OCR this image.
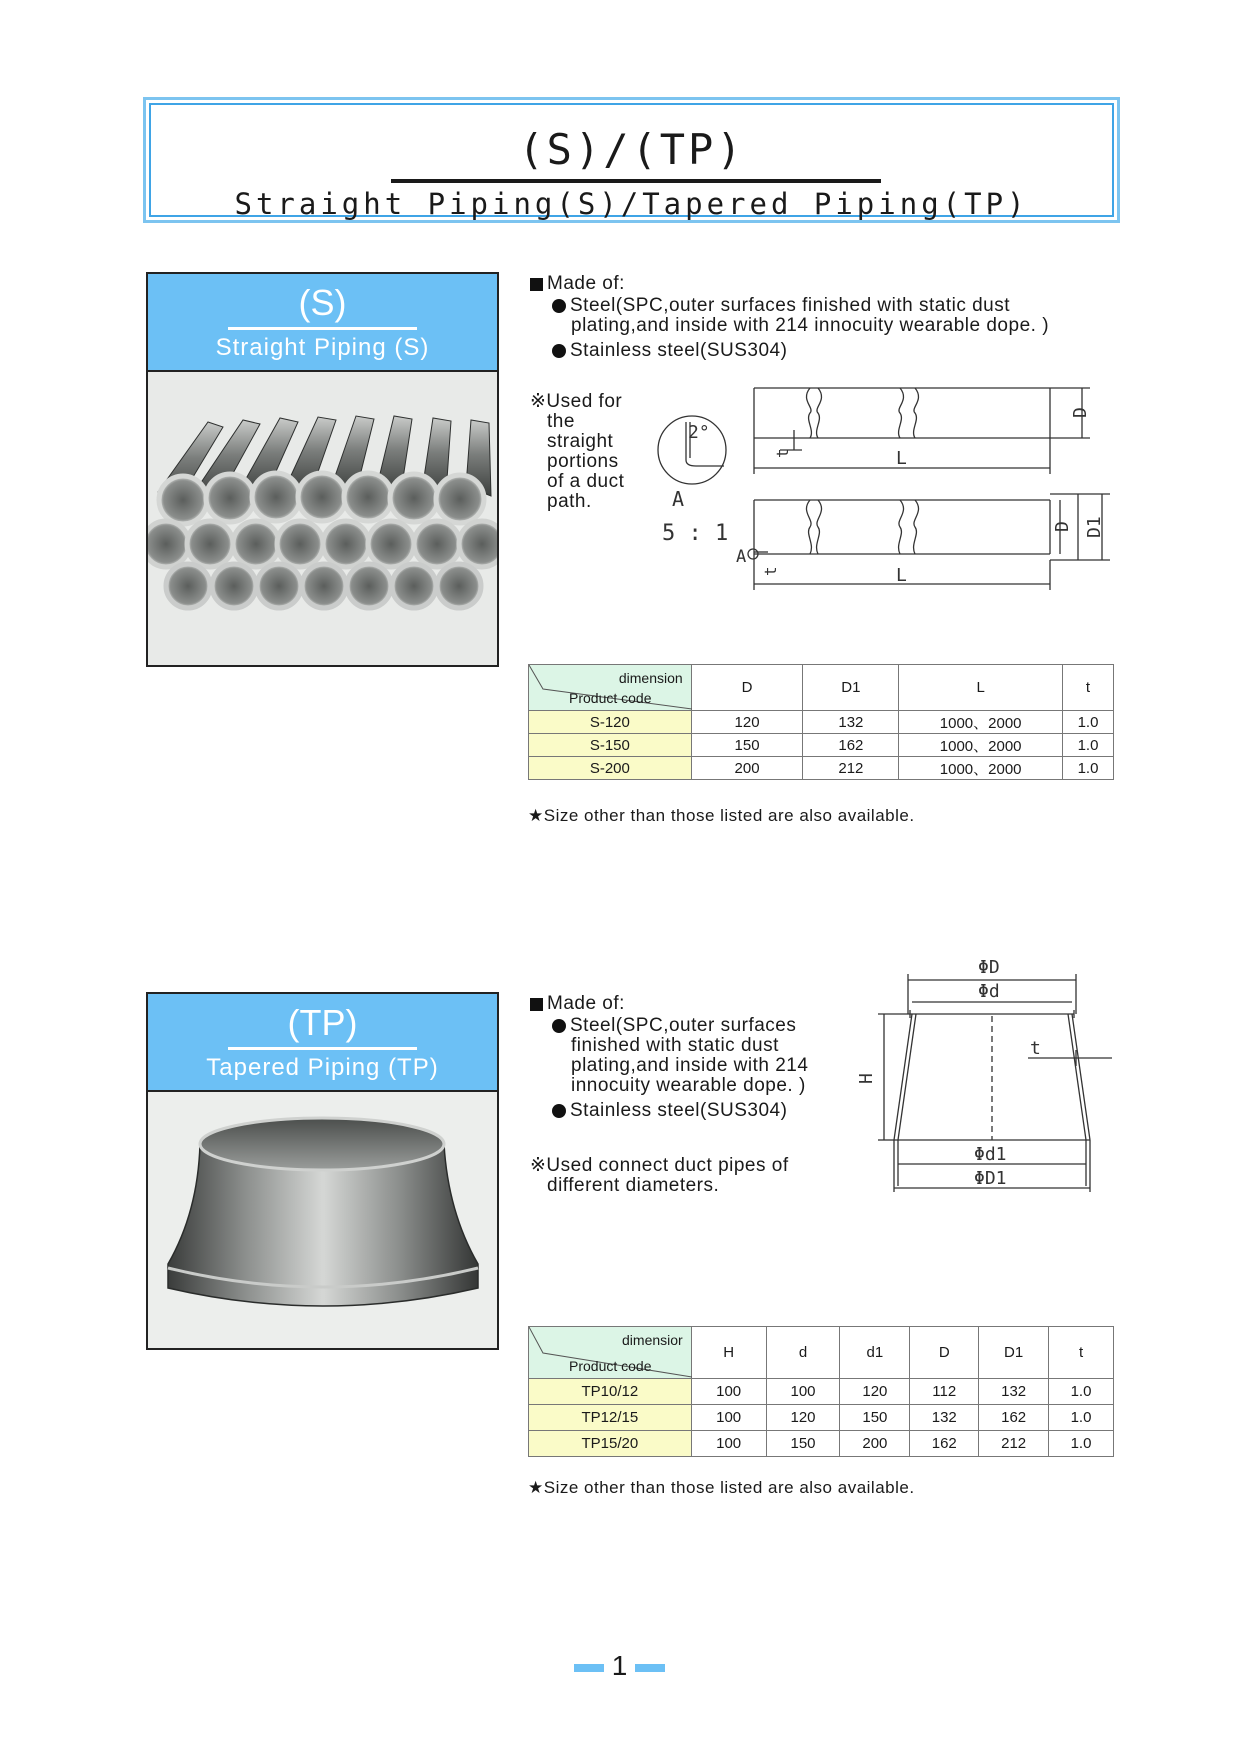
(S)/(TP)
Straight Piping(S)/Tapered Piping(TP)
(S)
Straight Piping (S)
Made of:
Steel(SPC,outer surfaces finished with static dust
plating,and inside with 214 innocuity wearable dope. )
Stainless steel(SUS304)
※Used for
the
straight
portions
of a duct
path.
2°
A
5 : 1
L
L
D
D D1
t
t
A
dimension
Product code	D	D1	L	t
S-120	120	132	1000、2000	1.0
S-150	150	162	1000、2000	1.0
S-200	200	212	1000、2000	1.0
★Size other than those listed are also available.
(TP)
Tapered Piping (TP)
Made of:
Steel(SPC,outer surfaces
finished with static dust
plating,and inside with 214
innocuity wearable dope. )
Stainless steel(SUS304)
※Used connect duct pipes of
different diameters.
ΦD
Φd
t
H
Φd1
ΦD1
dimensior
Product code	H	d	d1	D	D1	t
TP10/12	100	100	120	112	132	1.0
TP12/15	100	120	150	132	162	1.0
TP15/20	100	150	200	162	212	1.0
★Size other than those listed are also available.
1
